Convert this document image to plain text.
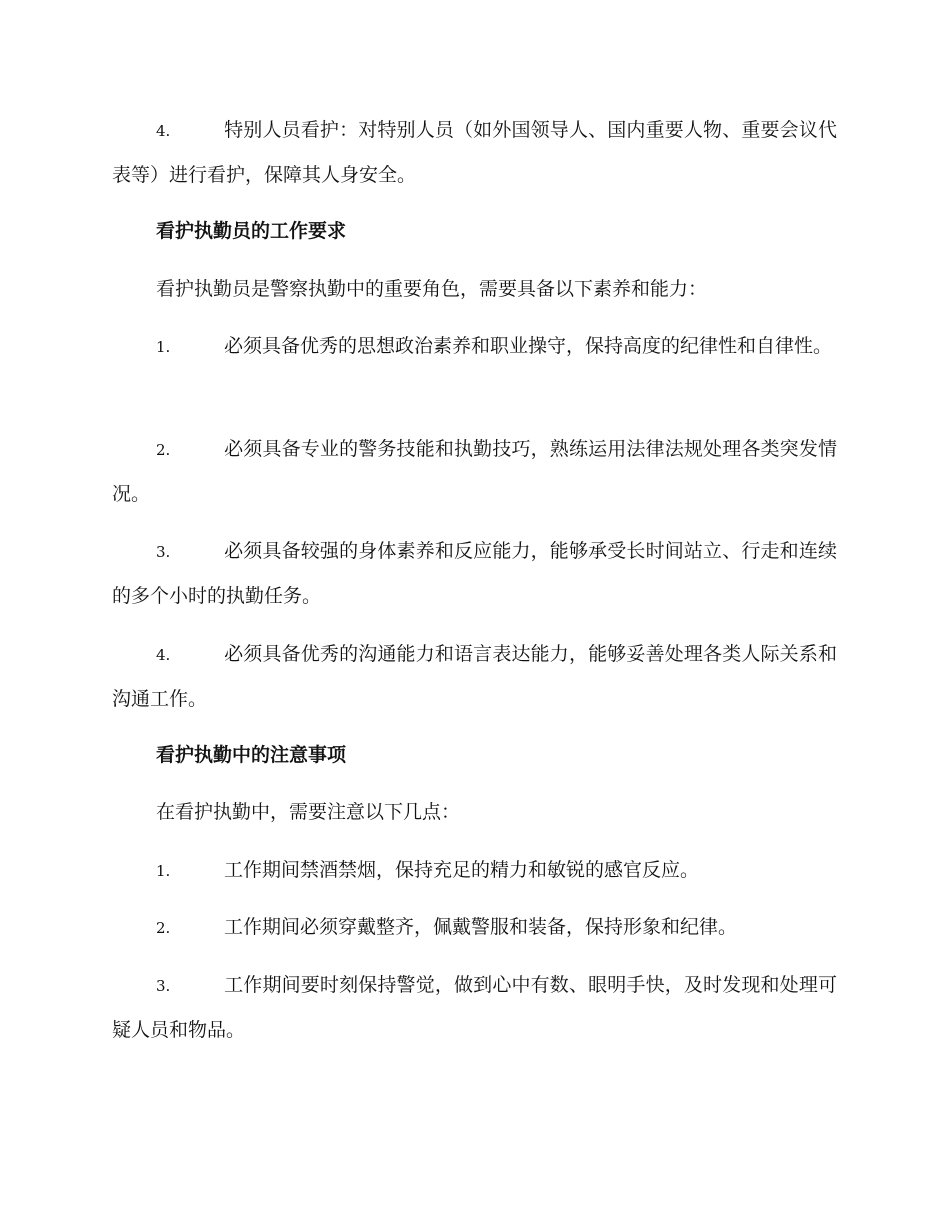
4.	特别人员看护：对特别人员（如外国领导人、国内重要人物、重要会议代表等）进行看护，保障其人身安全。
看护执勤员的工作要求
看护执勤员是警察执勤中的重要角色，需要具备以下素养和能力：
1.	必须具备优秀的思想政治素养和职业操守，保持高度的纪律性和自律性。
2.	必须具备专业的警务技能和执勤技巧，熟练运用法律法规处理各类突发情况。
3.	必须具备较强的身体素养和反应能力，能够承受长时间站立、行走和连续的多个小时的执勤任务。
4.	必须具备优秀的沟通能力和语言表达能力，能够妥善处理各类人际关系和沟通工作。
看护执勤中的注意事项
在看护执勤中，需要注意以下几点：
1.	工作期间禁酒禁烟，保持充足的精力和敏锐的感官反应。
2.	工作期间必须穿戴整齐，佩戴警服和装备，保持形象和纪律。
3.	工作期间要时刻保持警觉，做到心中有数、眼明手快，及时发现和处理可疑人员和物品。
